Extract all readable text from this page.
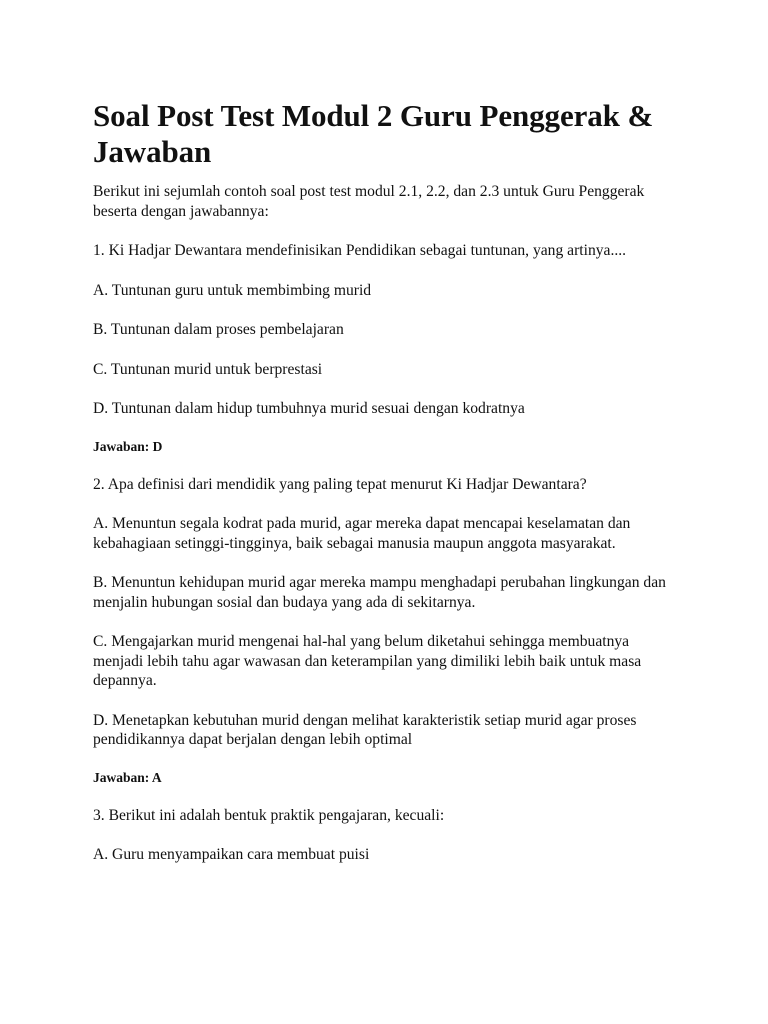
Soal Post Test Modul 2 Guru Penggerak & Jawaban

Berikut ini sejumlah contoh soal post test modul 2.1, 2.2, dan 2.3 untuk Guru Penggerak beserta dengan jawabannya:

1. Ki Hadjar Dewantara mendefinisikan Pendidikan sebagai tuntunan, yang artinya....

A. Tuntunan guru untuk membimbing murid

B. Tuntunan dalam proses pembelajaran

C. Tuntunan murid untuk berprestasi

D. Tuntunan dalam hidup tumbuhnya murid sesuai dengan kodratnya

Jawaban: D

2. Apa definisi dari mendidik yang paling tepat menurut Ki Hadjar Dewantara?

A. Menuntun segala kodrat pada murid, agar mereka dapat mencapai keselamatan dan kebahagiaan setinggi-tingginya, baik sebagai manusia maupun anggota masyarakat.

B. Menuntun kehidupan murid agar mereka mampu menghadapi perubahan lingkungan dan menjalin hubungan sosial dan budaya yang ada di sekitarnya.

C. Mengajarkan murid mengenai hal-hal yang belum diketahui sehingga membuatnya menjadi lebih tahu agar wawasan dan keterampilan yang dimiliki lebih baik untuk masa depannya.

D. Menetapkan kebutuhan murid dengan melihat karakteristik setiap murid agar proses pendidikannya dapat berjalan dengan lebih optimal

Jawaban: A

3. Berikut ini adalah bentuk praktik pengajaran, kecuali:

A. Guru menyampaikan cara membuat puisi
